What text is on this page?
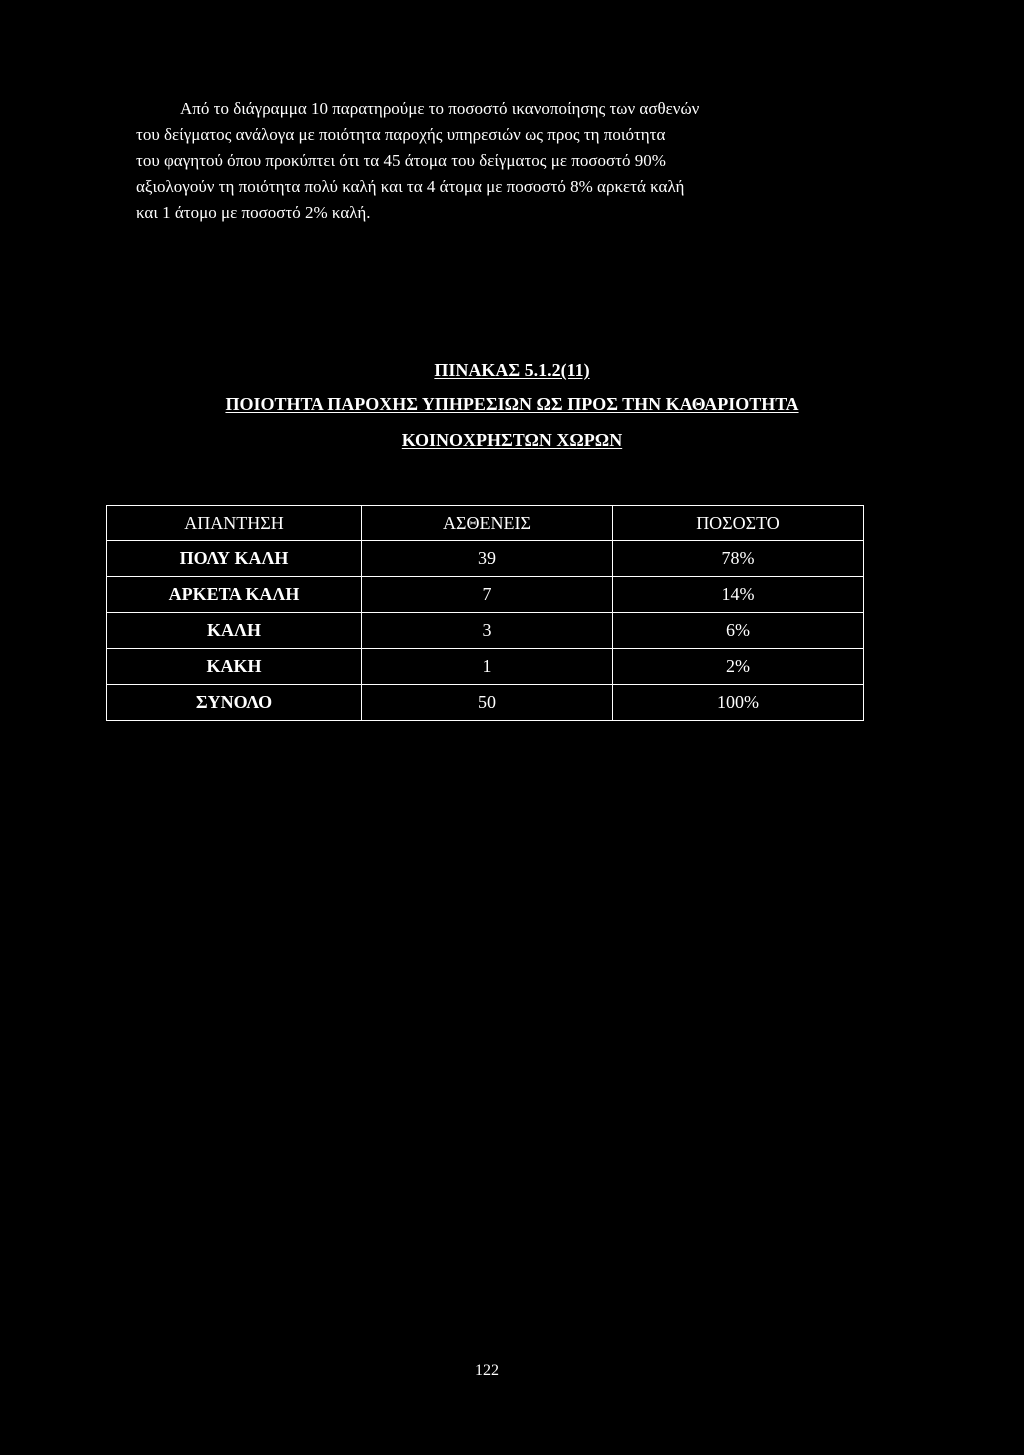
Από το διάγραμμα 10 παρατηρούμε το ποσοστό ικανοποίησης των ασθενών
του δείγματος ανάλογα με ποιότητα παροχής υπηρεσιών ως προς τη ποιότητα
του φαγητού όπου προκύπτει ότι τα 45 άτομα του δείγματος με ποσοστό 90%
αξιολογούν τη ποιότητα πολύ καλή και τα 4 άτομα με ποσοστό 8% αρκετά καλή
και 1 άτομο με ποσοστό 2% καλή.
ΠΙΝΑΚΑΣ 5.1.2(11)
ΠΟΙΟΤΗΤΑ ΠΑΡΟΧΗΣ ΥΠΗΡΕΣΙΩΝ ΩΣ ΠΡΟΣ ΤΗΝ ΚΑΘΑΡΙΟΤΗΤΑ
ΚΟΙΝΟΧΡΗΣΤΩΝ ΧΩΡΩΝ
ΑΠΑΝΤΗΣΗ	ΑΣΘΕΝΕΙΣ	ΠΟΣΟΣΤΟ
ΠΟΛΥ ΚΑΛΗ	39	78%
ΑΡΚΕΤΑ ΚΑΛΗ	7	14%
ΚΑΛΗ	3	6%
ΚΑΚΗ	1	2%
ΣΥΝΟΛΟ	50	100%
122
